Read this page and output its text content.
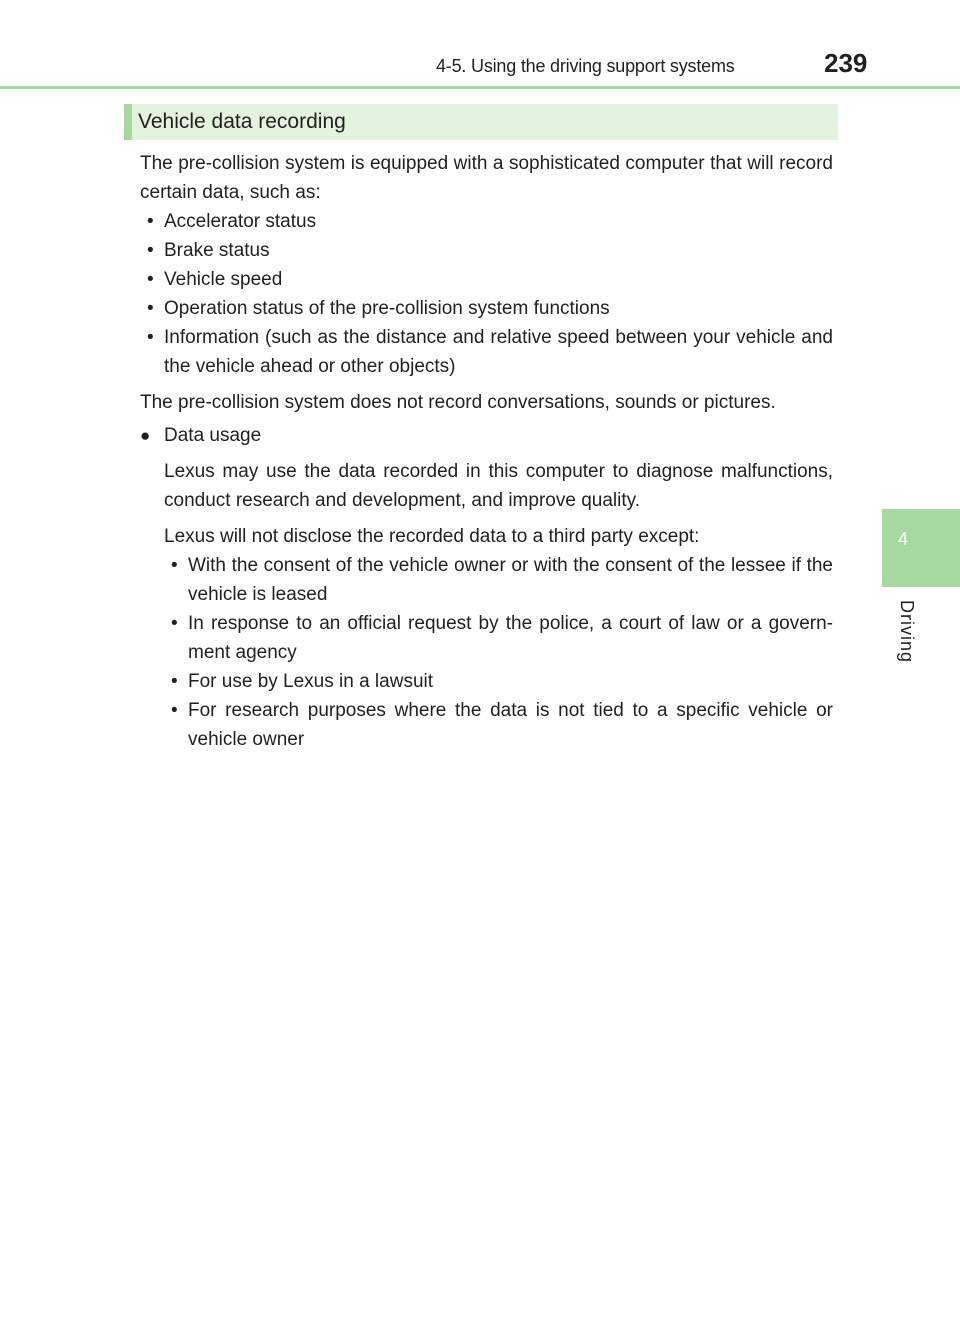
4-5. Using the driving support systems	239
4
Driving
Vehicle data recording

The pre-collision system is equipped with a sophisticated computer that will record certain data, such as:

• Accelerator status
• Brake status
• Vehicle speed
• Operation status of the pre-collision system functions
• Information (such as the distance and relative speed between your vehicle and the vehicle ahead or other objects)

The pre-collision system does not record conversations, sounds or pictures.

● Data usage

Lexus may use the data recorded in this computer to diagnose malfunctions, conduct research and development, and improve quality.

Lexus will not disclose the recorded data to a third party except:

• With the consent of the vehicle owner or with the consent of the lessee if the vehicle is leased
• In response to an official request by the police, a court of law or a govern-ment agency
• For use by Lexus in a lawsuit
• For research purposes where the data is not tied to a specific vehicle or vehicle owner
